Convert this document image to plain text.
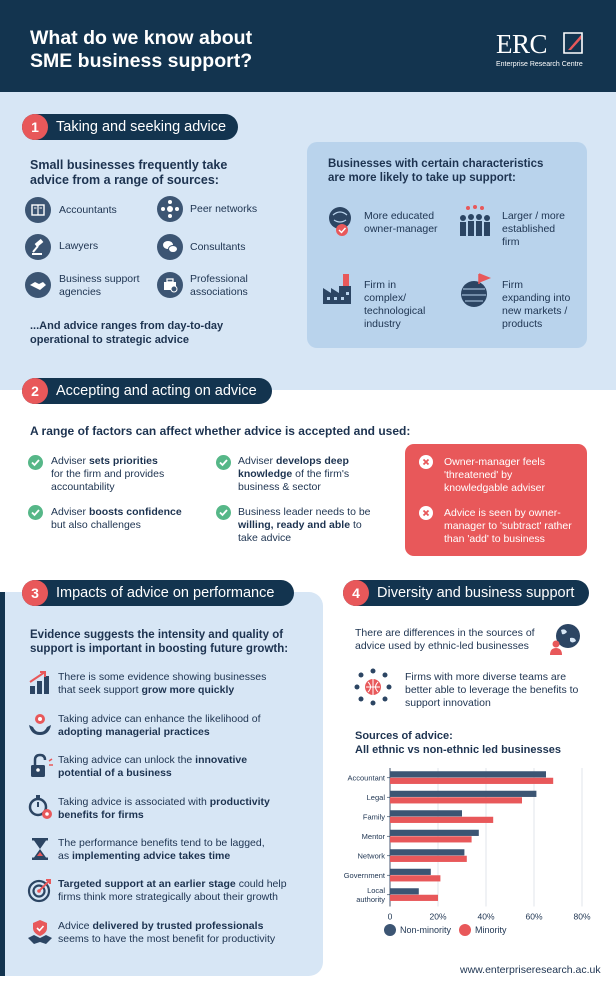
What do we know about
SME business support?
ERC
Enterprise Research Centre
Taking and seeking advice
1
Small businesses frequently take
advice from a range of sources:
Accountants	Peer networks
Lawyers	Consultants
Business support
agencies
Professional
associations
...And advice ranges from day-to-day
operational to strategic advice
Businesses with certain characteristics
are more likely to take up support:
More educated
owner-manager
Larger / more
established
firm
Firm in
complex/
technological
industry
Firm
expanding into
new markets /
products
Accepting and acting on advice
2
A range of factors can affect whether advice is accepted and used:
Adviser sets priorities
for the firm and provides
accountability
Adviser develops deep
knowledge of the firm's
business & sector
Adviser boosts confidence
but also challenges
Business leader needs to be
willing, ready and able to
take advice
Owner-manager feels
'threatened' by
knowledgable adviser
Advice is seen by owner-
manager to 'subtract' rather
than 'add' to business
Impacts of advice on performance
3
Evidence suggests the intensity and quality of
support is important in boosting future growth:
There is some evidence showing businesses
that seek support grow more quickly
Taking advice can enhance the likelihood of
adopting managerial practices
Taking advice can unlock the innovative
potential of a business
Taking advice is associated with productivity
benefits for firms
The performance benefits tend to be lagged,
as implementing advice takes time
Targeted support at an earlier stage could help
firms think more strategically about their growth
Advice delivered by trusted professionals
seems to have the most benefit for productivity
Diversity and business support
4
There are differences in the sources of
advice used by ethnic-led businesses
Firms with more diverse teams are
better able to leverage the benefits to
support innovation
Sources of advice:
All ethnic vs non-ethnic led businesses
0	20%	40%	60%	80%
Accountant
Legal
Family
Mentor
Network
Government
Local
authority
Non-minority	Minority
www.enterpriseresearch.ac.uk
